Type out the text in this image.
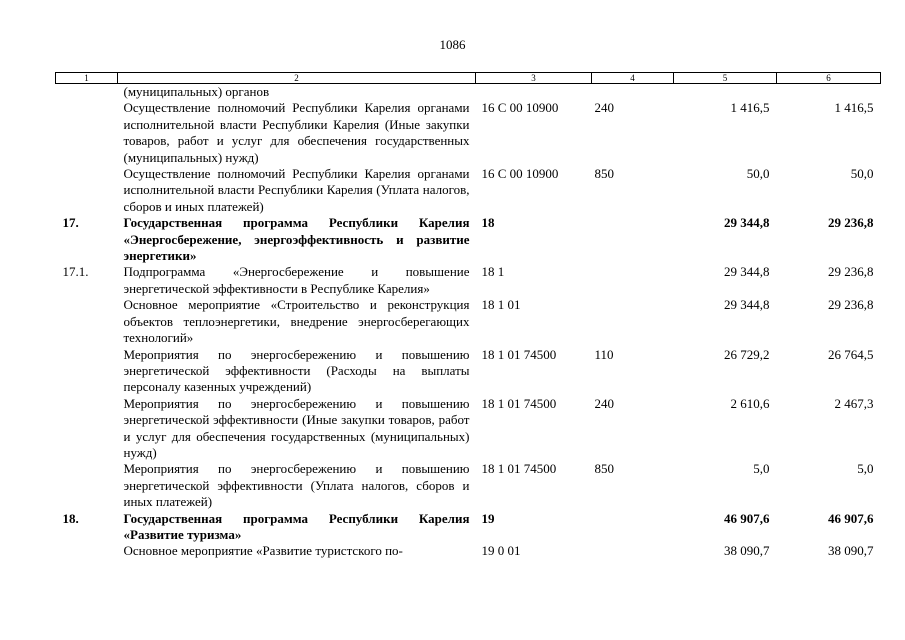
1086
1	2	3	4	5	6
	(муниципальных) органов				
	Осуществление полномочий Республики Карелия органами исполнительной власти Республики Карелия (Иные закупки товаров, работ и услуг для обеспечения государственных (муниципальных) нужд)	16 С 00 10900	240	1 416,5	1 416,5
	Осуществление полномочий Республики Карелия органами исполнительной власти Республики Карелия (Уплата налогов, сборов и иных платежей)	16 С 00 10900	850	50,0	50,0
17.	Государственная программа Республики Карелия «Энергосбережение, энергоэффективность и развитие энергетики»	18		29 344,8	29 236,8
17.1.	Подпрограмма «Энергосбережение и повышение энергетической эффективности в Республике Карелия»	18 1		29 344,8	29 236,8
	Основное мероприятие «Строительство и реконструкция объектов теплоэнергетики, внедрение энергосберегающих технологий»	18 1 01		29 344,8	29 236,8
	Мероприятия по энергосбережению и повышению энергетической эффективности (Расходы на выплаты персоналу казенных учреждений)	18 1 01 74500	110	26 729,2	26 764,5
	Мероприятия по энергосбережению и повышению энергетической эффективности (Иные закупки товаров, работ и услуг для обеспечения государственных (муниципальных) нужд)	18 1 01 74500	240	2 610,6	2 467,3
	Мероприятия по энергосбережению и повышению энергетической эффективности (Уплата налогов, сборов и иных платежей)	18 1 01 74500	850	5,0	5,0
18.	Государственная программа Республики Карелия «Развитие туризма»	19		46 907,6	46 907,6
	Основное мероприятие «Развитие туристского по-	19 0 01		38 090,7	38 090,7
